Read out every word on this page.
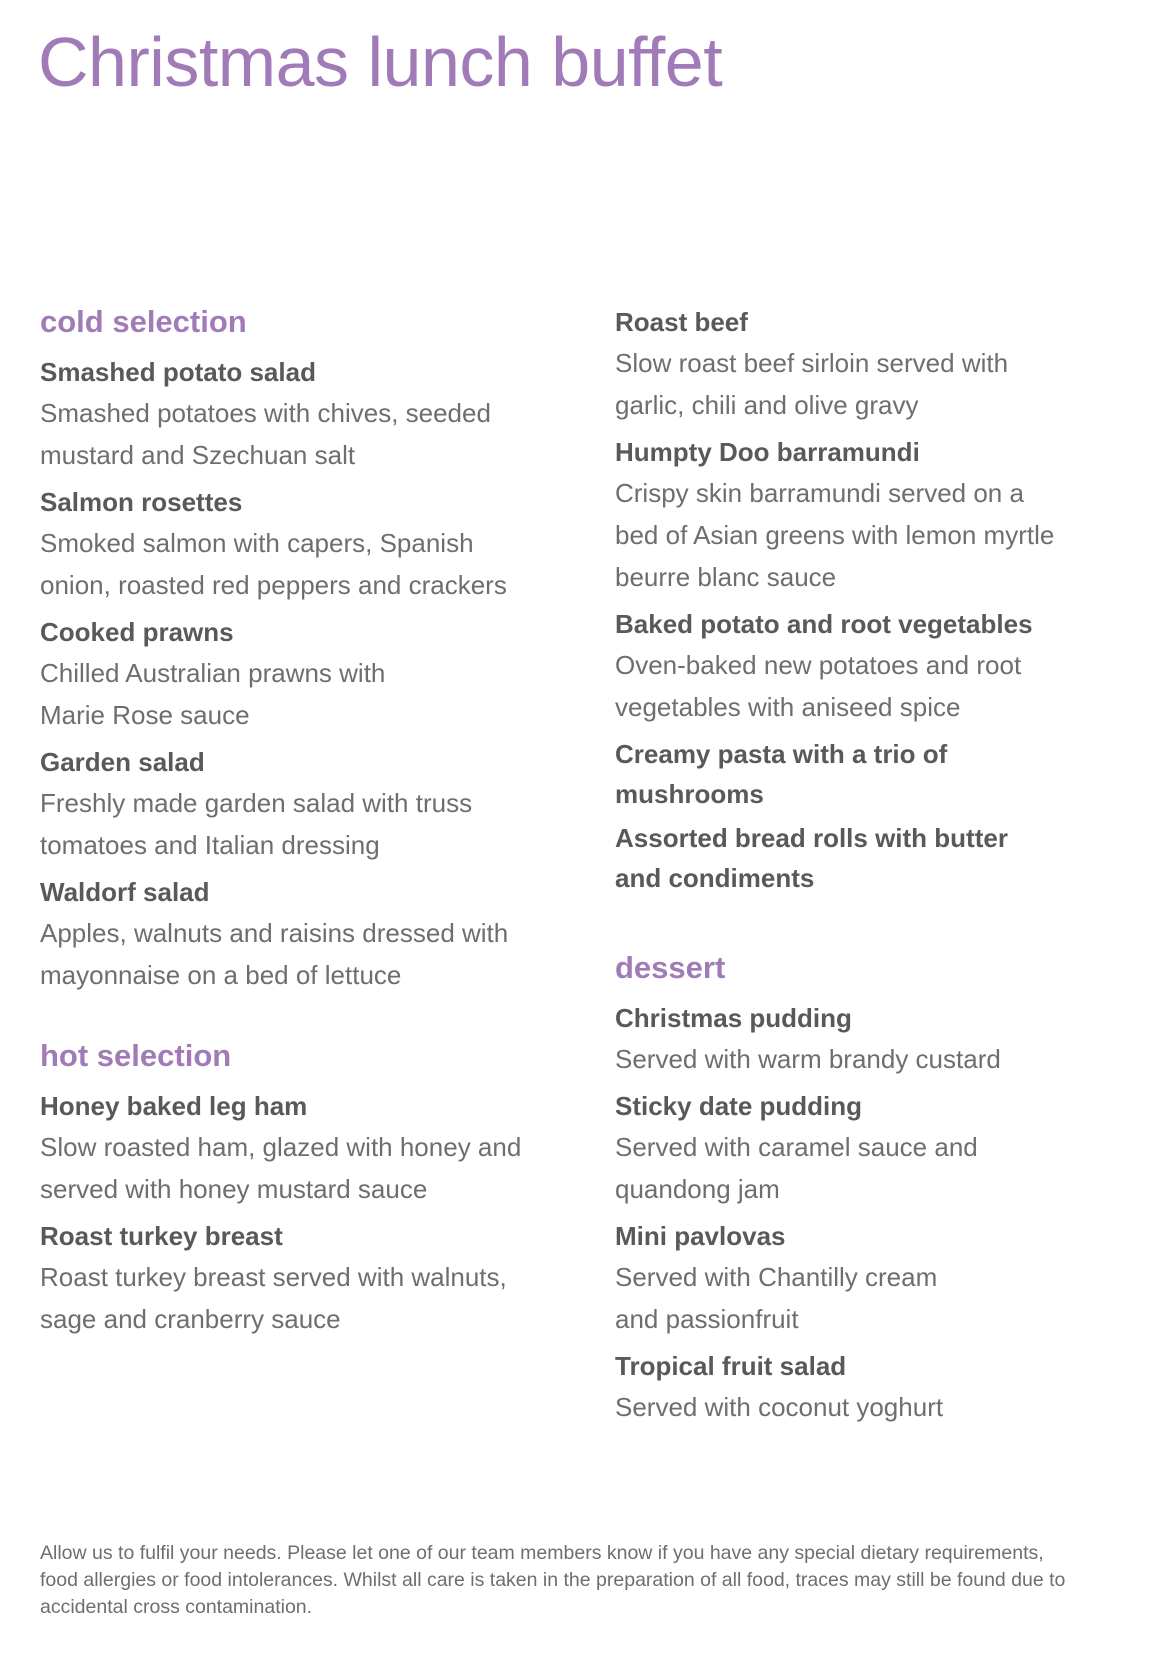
Christmas lunch buffet
cold selection

Smashed potato salad

Smashed potatoes with chives, seeded
mustard and Szechuan salt

Salmon rosettes

Smoked salmon with capers, Spanish
onion, roasted red peppers and crackers

Cooked prawns

Chilled Australian prawns with
Marie Rose sauce

Garden salad

Freshly made garden salad with truss
tomatoes and Italian dressing

Waldorf salad

Apples, walnuts and raisins dressed with
mayonnaise on a bed of lettuce

hot selection

Honey baked leg ham

Slow roasted ham, glazed with honey and
served with honey mustard sauce

Roast turkey breast

Roast turkey breast served with walnuts,
sage and cranberry sauce

Roast beef

Slow roast beef sirloin served with
garlic, chili and olive gravy

Humpty Doo barramundi

Crispy skin barramundi served on a
bed of Asian greens with lemon myrtle
beurre blanc sauce

Baked potato and root vegetables

Oven-baked new potatoes and root
vegetables with aniseed spice

Creamy pasta with a trio of
mushrooms

Assorted bread rolls with butter
and condiments

dessert

Christmas pudding

Served with warm brandy custard

Sticky date pudding

Served with caramel sauce and
quandong jam

Mini pavlovas

Served with Chantilly cream
and passionfruit

Tropical fruit salad

Served with coconut yoghurt

Allow us to fulfil your needs. Please let one of our team members know if you have any special dietary requirements, food allergies or food intolerances. Whilst all care is taken in the preparation of all food, traces may still be found due to accidental cross contamination.
